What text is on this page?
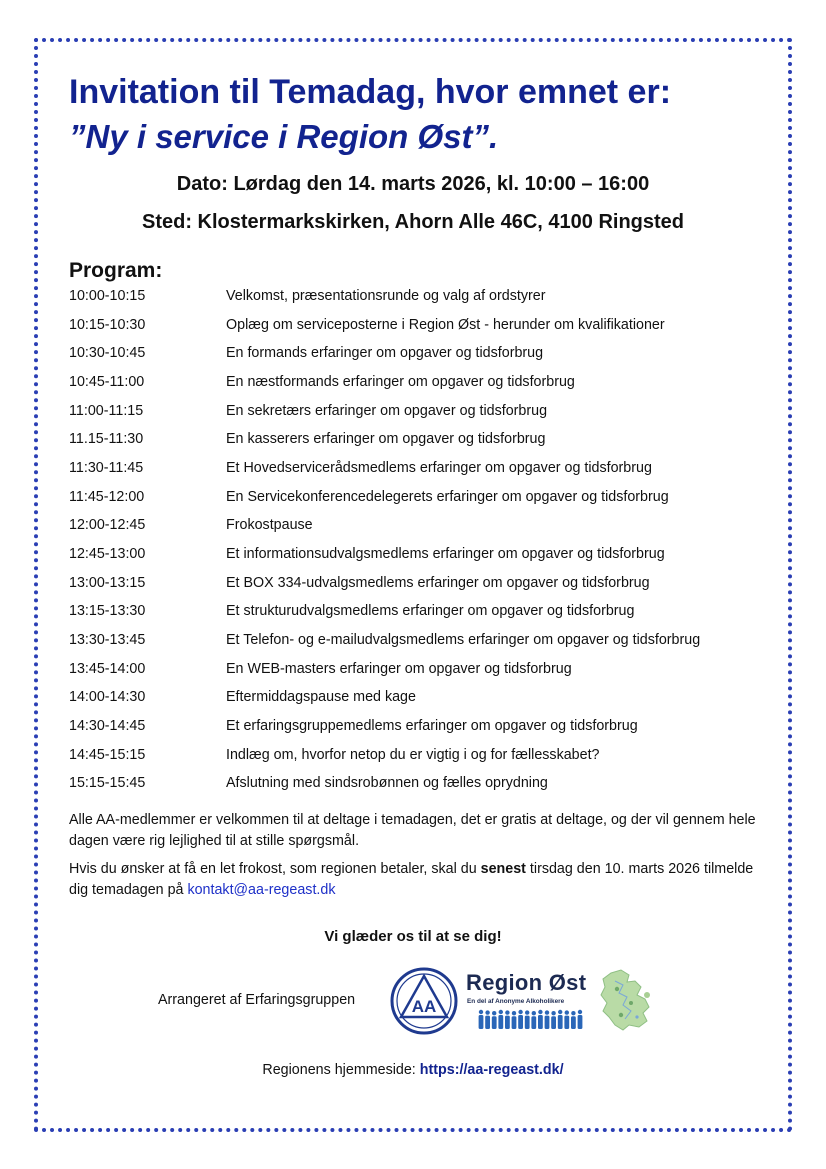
Invitation til Temadag, hvor emnet er:
”Ny i service i Region Øst”.
Dato: Lørdag den 14. marts 2026, kl. 10:00 – 16:00
Sted: Klostermarkskirken, Ahorn Alle 46C, 4100 Ringsted
Program:
10:00-10:15	Velkomst, præsentationsrunde og valg af ordstyrer
10:15-10:30	Oplæg om serviceposterne i Region Øst - herunder om kvalifikationer
10:30-10:45	En formands erfaringer om opgaver og tidsforbrug
10:45-11:00	En næstformands erfaringer om opgaver og tidsforbrug
11:00-11:15	En sekretærs erfaringer om opgaver og tidsforbrug
11.15-11:30	En kasserers erfaringer om opgaver og tidsforbrug
11:30-11:45	Et Hovedservicerådsmedlems erfaringer om opgaver og tidsforbrug
11:45-12:00	En Servicekonferencedelegerets erfaringer om opgaver og tidsforbrug
12:00-12:45	Frokostpause
12:45-13:00	Et informationsudvalgsmedlems erfaringer om opgaver og tidsforbrug
13:00-13:15	Et BOX 334-udvalgsmedlems erfaringer om opgaver og tidsforbrug
13:15-13:30	Et strukturudvalgsmedlems erfaringer om opgaver og tidsforbrug
13:30-13:45	Et Telefon- og e-mailudvalgsmedlems erfaringer om opgaver og tidsforbrug
13:45-14:00	En WEB-masters erfaringer om opgaver og tidsforbrug
14:00-14:30	Eftermiddagspause med kage
14:30-14:45	Et erfaringsgruppemedlems erfaringer om opgaver og tidsforbrug
14:45-15:15	Indlæg om, hvorfor netop du er vigtig i og for fællesskabet?
15:15-15:45	Afslutning med sindsrobønnen og fælles oprydning

Alle AA-medlemmer er velkommen til at deltage i temadagen, det er gratis at deltage, og der vil gennem hele dagen være rig lejlighed til at stille spørgsmål.

Hvis du ønsker at få en let frokost, som regionen betaler, skal du senest tirsdag den 10. marts 2026 tilmelde dig temadagen på kontakt@aa-regeast.dk

Vi glæder os til at se dig!
Arrangeret af Erfaringsgruppen	AA
Region Øst
En del af Anonyme Alkoholikere
Regionens hjemmeside: https://aa-regeast.dk/
